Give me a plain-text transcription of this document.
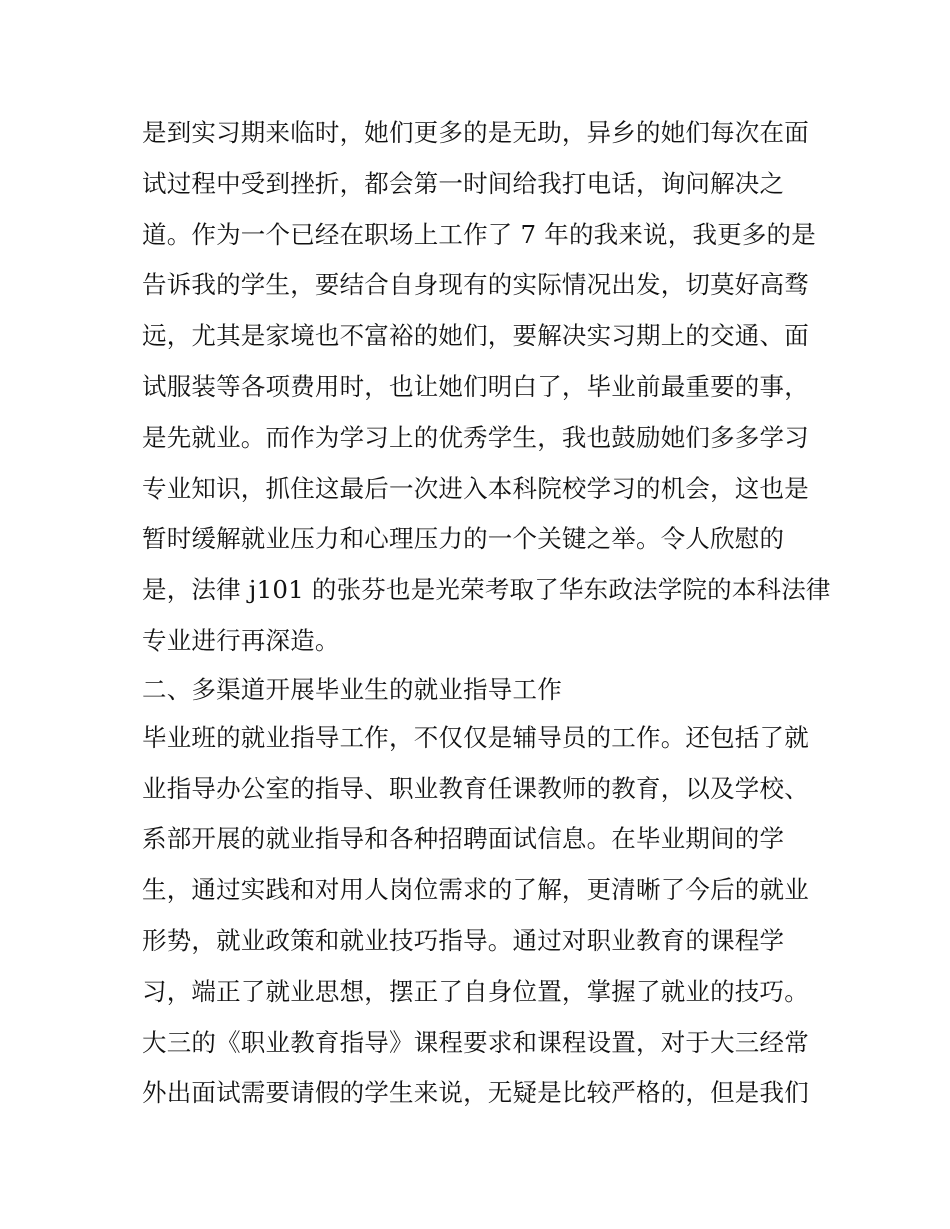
是到实习期来临时，她们更多的是无助，异乡的她们每次在面
试过程中受到挫折，都会第一时间给我打电话，询问解决之
道。作为一个已经在职场上工作了 7 年的我来说，我更多的是
告诉我的学生，要结合自身现有的实际情况出发，切莫好高骛
远，尤其是家境也不富裕的她们，要解决实习期上的交通、面
试服装等各项费用时，也让她们明白了，毕业前最重要的事，
是先就业。而作为学习上的优秀学生，我也鼓励她们多多学习
专业知识，抓住这最后一次进入本科院校学习的机会，这也是
暂时缓解就业压力和心理压力的一个关键之举。令人欣慰的
是，法律 j101 的张芬也是光荣考取了华东政法学院的本科法律
专业进行再深造。
二、多渠道开展毕业生的就业指导工作
毕业班的就业指导工作，不仅仅是辅导员的工作。还包括了就
业指导办公室的指导、职业教育任课教师的教育，以及学校、
系部开展的就业指导和各种招聘面试信息。在毕业期间的学
生，通过实践和对用人岗位需求的了解，更清晰了今后的就业
形势，就业政策和就业技巧指导。通过对职业教育的课程学
习，端正了就业思想，摆正了自身位置，掌握了就业的技巧。
大三的《职业教育指导》课程要求和课程设置，对于大三经常
外出面试需要请假的学生来说，无疑是比较严格的，但是我们
